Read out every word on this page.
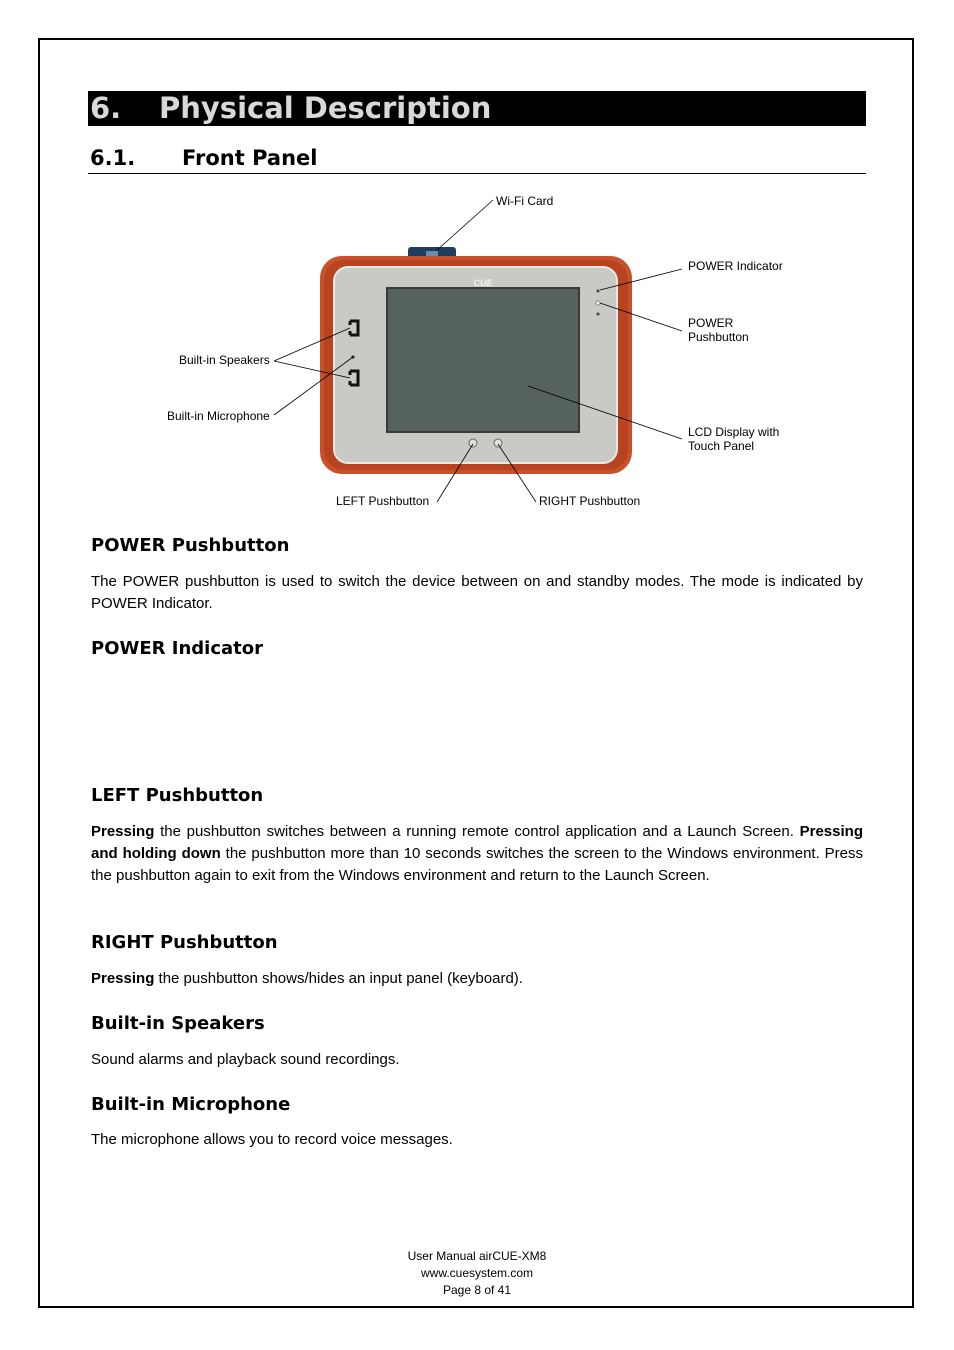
6. Physical Description
6.1. Front Panel
CUE
Wi-Fi Card
POWER Indicator
POWER
Pushbutton
Built-in Speakers
Built-in Microphone
LCD Display with
Touch Panel
LEFT Pushbutton	RIGHT Pushbutton
POWER Pushbutton

The POWER pushbutton is used to switch the device between on and standby modes. The mode is indicated by POWER Indicator.

POWER Indicator
LEFT Pushbutton

Pressing the pushbutton switches between a running remote control application and a Launch Screen. Pressing and holding down the pushbutton more than 10 seconds switches the screen to the Windows environment. Press the pushbutton again to exit from the Windows environment and return to the Launch Screen.

RIGHT Pushbutton

Pressing the pushbutton shows/hides an input panel (keyboard).

Built-in Speakers

Sound alarms and playback sound recordings.

Built-in Microphone

The microphone allows you to record voice messages.

User Manual airCUE-XM8
www.cuesystem.com
Page 8 of 41
